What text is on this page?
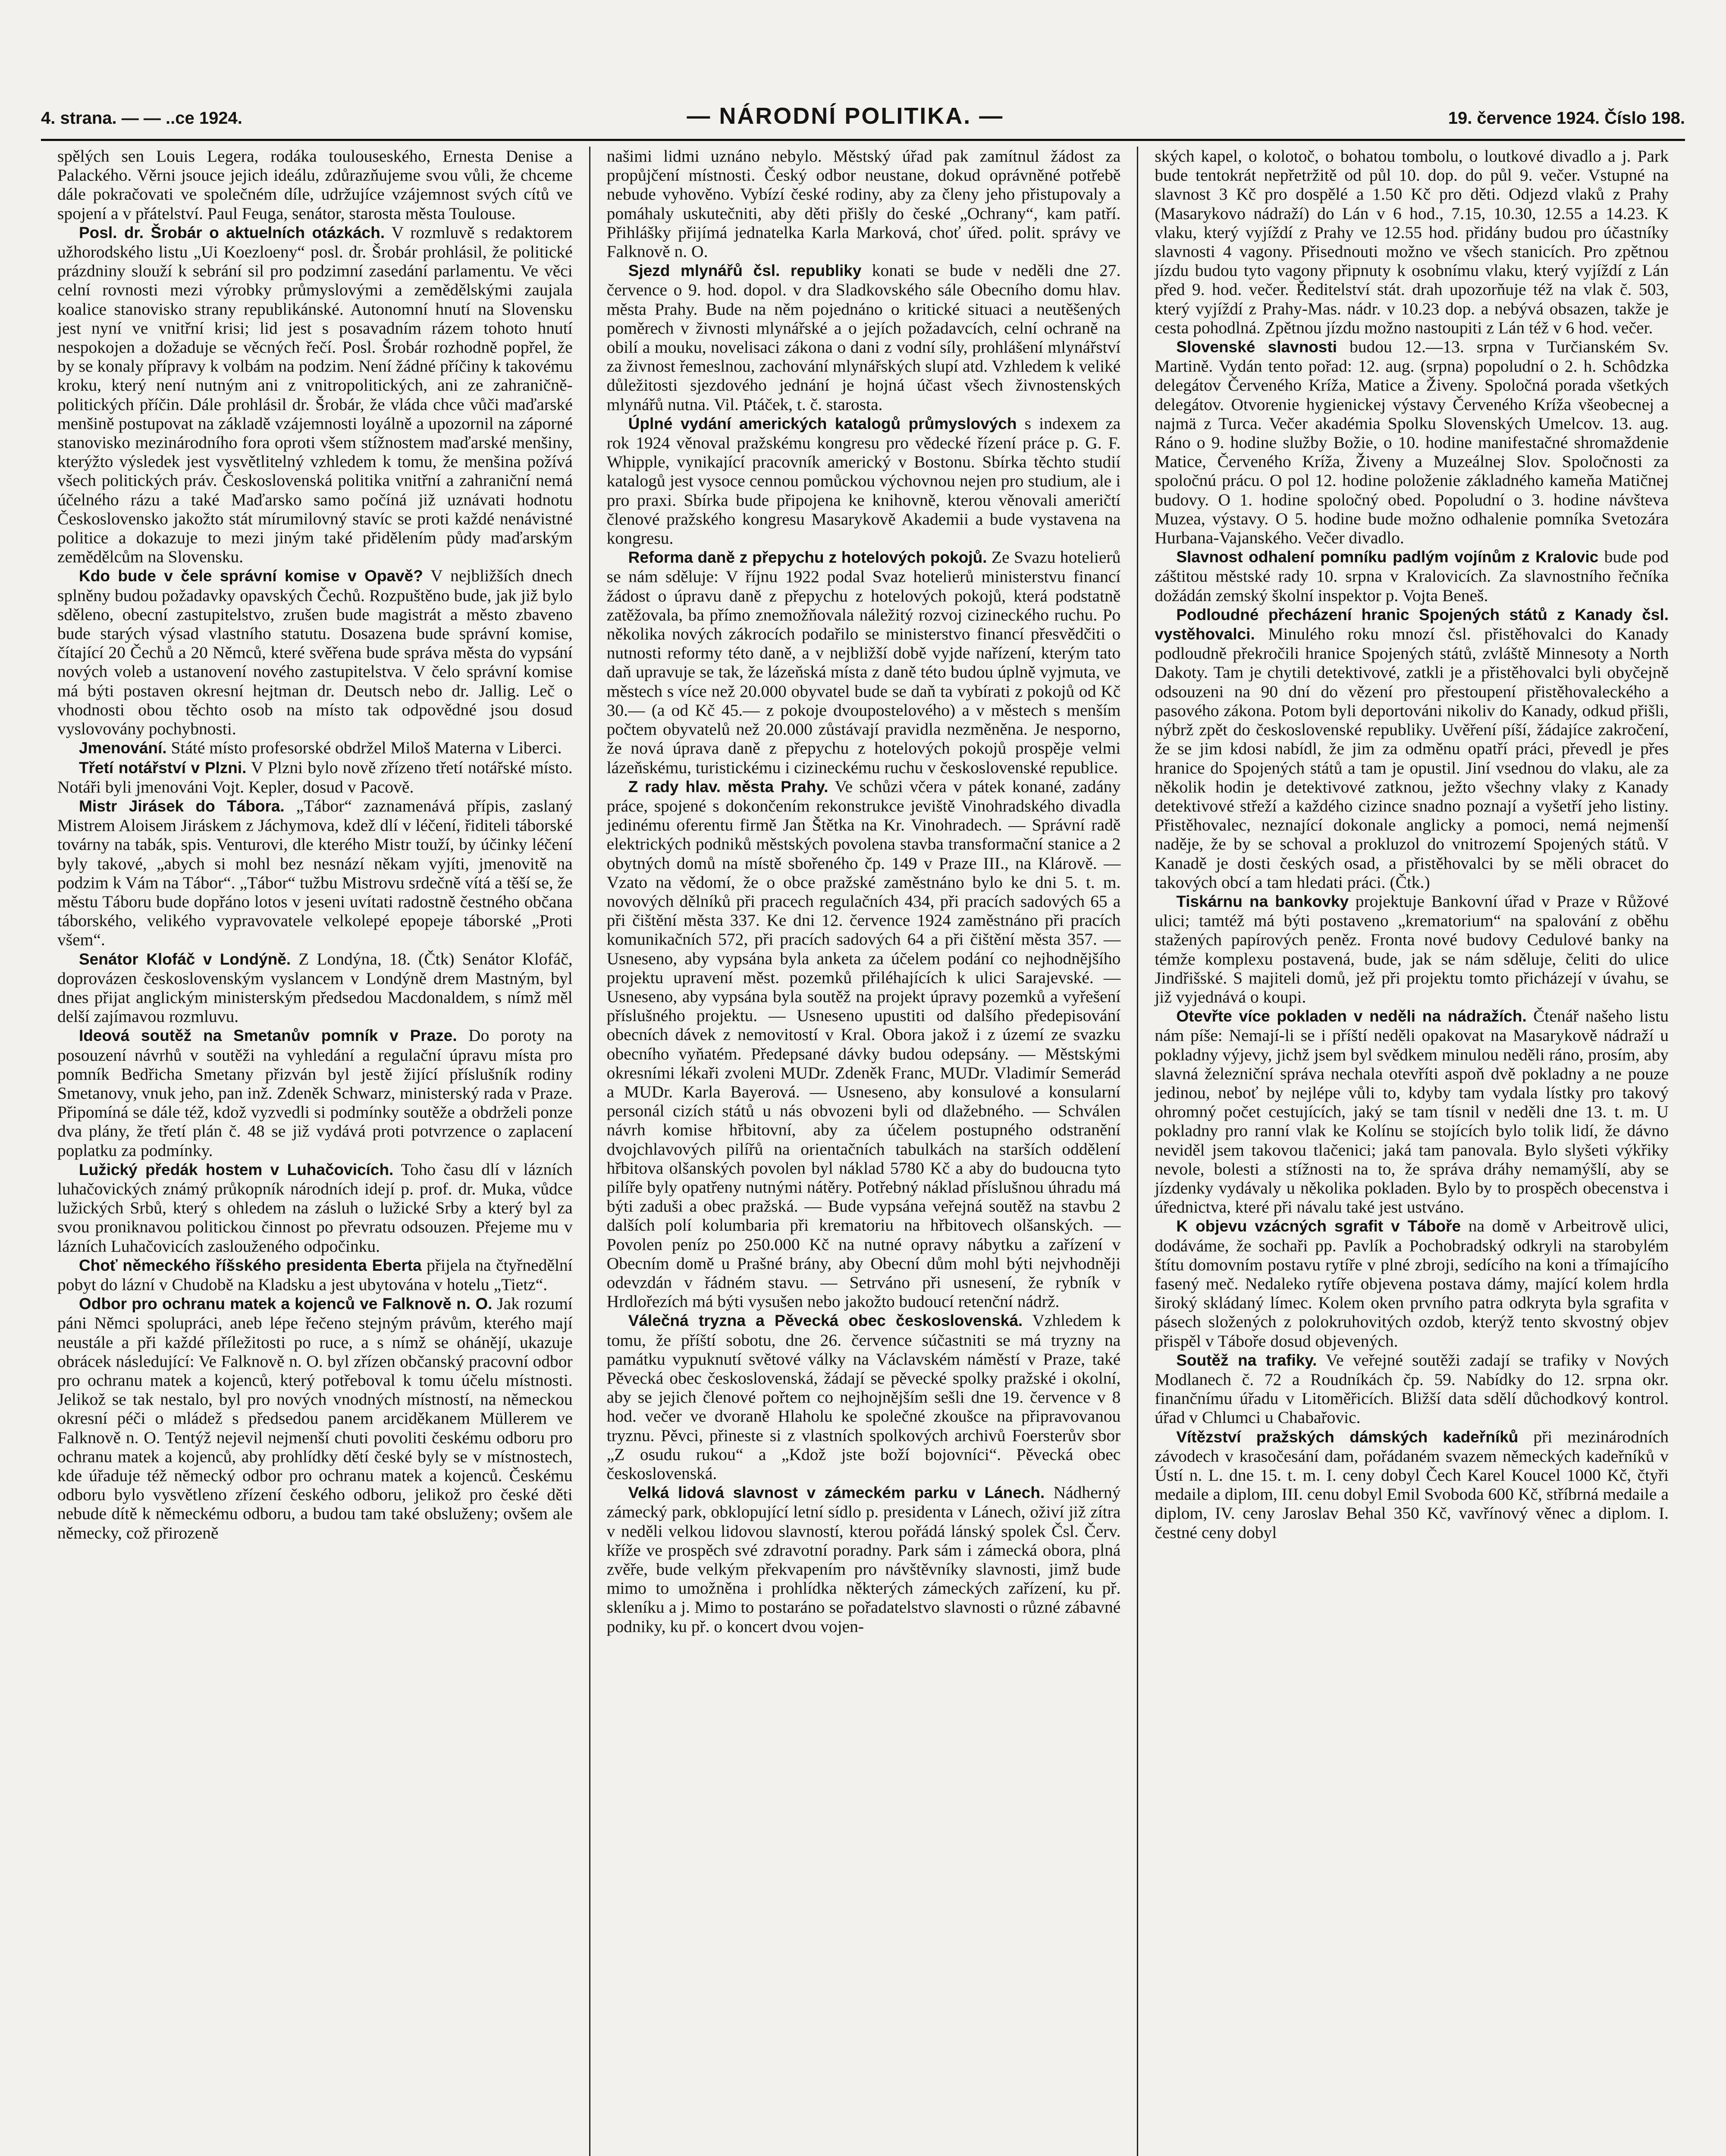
4. strana. — — ..ce 1924.	— NÁRODNÍ POLITIKA. —	19. července 1924. Číslo 198.

spělých sen Louis Legera, rodáka toulouseského, Ernesta Denise a Palackého. Věrni jsouce jejich ideálu, zdůrazňujeme svou vůli, že chceme dále pokračovati ve společném díle, udržujíce vzájemnost svých cítů ve spojení a v přátelství. Paul Feuga, senátor, starosta města Toulouse.

Posl. dr. Šrobár o aktuelních otázkách. V rozmluvě s redaktorem užhorodského listu „Ui Koezloeny“ posl. dr. Šrobár prohlásil, že politické prázdniny slouží k sebrání sil pro podzimní zasedání parlamentu. Ve věci celní rovnosti mezi výrobky průmyslovými a zemědělskými zaujala koalice stanovisko strany republikánské. Autonomní hnutí na Slovensku jest nyní ve vnitřní krisi; lid jest s posavadním rázem tohoto hnutí nespokojen a dožaduje se věcných řečí. Posl. Šrobár rozhodně popřel, že by se konaly přípravy k volbám na podzim. Není žádné příčiny k takovému kroku, který není nutným ani z vnitropolitických, ani ze zahraničně-politických příčin. Dále prohlásil dr. Šrobár, že vláda chce vůči maďarské menšině postupovat na základě vzájemnosti loyálně a upozornil na záporné stanovisko mezinárodního fora oproti všem stížnostem maďarské menšiny, kterýžto výsledek jest vysvětlitelný vzhledem k tomu, že menšina požívá všech politických práv. Československá politika vnitřní a zahraniční nemá účelného rázu a také Maďarsko samo počíná již uznávati hodnotu Československo jakožto stát mírumilovný stavíc se proti každé nenávistné politice a dokazuje to mezi jiným také přidělením půdy maďarským zemědělcům na Slovensku.

Kdo bude v čele správní komise v Opavě? V nejbližších dnech splněny budou požadavky opavských Čechů. Rozpuštěno bude, jak již bylo sděleno, obecní zastupitelstvo, zrušen bude magistrát a město zbaveno bude starých výsad vlastního statutu. Dosazena bude správní komise, čítající 20 Čechů a 20 Němců, které svěřena bude správa města do vypsání nových voleb a ustanovení nového zastupitelstva. V čelo správní komise má býti postaven okresní hejtman dr. Deutsch nebo dr. Jallig. Leč o vhodnosti obou těchto osob na místo tak odpovědné jsou dosud vyslovovány pochybnosti.

Jmenování. Státé místo profesorské obdržel Miloš Materna v Liberci.

Třetí notářství v Plzni. V Plzni bylo nově zřízeno třetí notářské místo. Notáři byli jmenováni Vojt. Kepler, dosud v Pacově.

Mistr Jirásek do Tábora. „Tábor“ zaznamenává přípis, zaslaný Mistrem Aloisem Jiráskem z Jáchymova, kdež dlí v léčení, řiditeli táborské továrny na tabák, spis. Venturovi, dle kterého Mistr touží, by účinky léčení byly takové, „abych si mohl bez nesnází někam vyjíti, jmenovitě na podzim k Vám na Tábor“. „Tábor“ tužbu Mistrovu srdečně vítá a těší se, že městu Táboru bude dopřáno lotos v jeseni uvítati radostně čestného občana táborského, velikého vypravovatele velkolepé epopeje táborské „Proti všem“.

Senátor Klofáč v Londýně. Z Londýna, 18. (Čtk) Senátor Klofáč, doprovázen československým vyslancem v Londýně drem Mastným, byl dnes přijat anglickým ministerským předsedou Macdonaldem, s nímž měl delší zajímavou rozmluvu.

Ideová soutěž na Smetanův pomník v Praze. Do poroty na posouzení návrhů v soutěži na vyhledání a regulační úpravu místa pro pomník Bedřicha Smetany přizván byl jestě žijící příslušník rodiny Smetanovy, vnuk jeho, pan inž. Zdeněk Schwarz, ministerský rada v Praze. Připomíná se dále též, kdož vyzvedli si podmínky soutěže a obdrželi ponze dva plány, že třetí plán č. 48 se již vydává proti potvrzence o zaplacení poplatku za podmínky.

Lužický předák hostem v Luhačovicích. Toho času dlí v lázních luhačovických známý průkopník národních idejí p. prof. dr. Muka, vůdce lužických Srbů, který s ohledem na zásluh o lužické Srby a který byl za svou proniknavou politickou činnost po převratu odsouzen. Přejeme mu v lázních Luhačovicích zaslouženého odpočinku.

Choť německého říšského presidenta Eberta přijela na čtyřnedělní pobyt do lázní v Chudobě na Kladsku a jest ubytována v hotelu „Tietz“.

Odbor pro ochranu matek a kojenců ve Falknově n. O. Jak rozumí páni Němci spolupráci, aneb lépe řečeno stejným právům, kterého mají neustále a při každé příležitosti po ruce, a s nímž se ohánějí, ukazuje obrácek následující: Ve Falknově n. O. byl zřízen občanský pracovní odbor pro ochranu matek a kojenců, který potřeboval k tomu účelu místnosti. Jelikož se tak nestalo, byl pro nových vnodných místností, na německou okresní péči o mládež s předsedou panem arciděkanem Müllerem ve Falknově n. O. Tentýž nejevil nejmenší chuti povoliti českému odboru pro ochranu matek a kojenců, aby prohlídky dětí české byly se v místnostech, kde úřaduje též německý odbor pro ochranu matek a kojenců. Českému odboru bylo vysvětleno zřízení českého odboru, jelikož pro české děti nebude dítě k německému odboru, a budou tam také obsluženy; ovšem ale německy, což přirozeně

našimi lidmi uznáno nebylo. Městský úřad pak zamítnul žádost za propůjčení místnosti. Český odbor neustane, dokud oprávněné potřebě nebude vyhověno. Vybízí české rodiny, aby za členy jeho přistupovaly a pomáhaly uskutečniti, aby děti přišly do české „Ochrany“, kam patří. Přihlášky přijímá jednatelka Karla Marková, choť úřed. polit. správy ve Falknově n. O.

Sjezd mlynářů čsl. republiky konati se bude v neděli dne 27. července o 9. hod. dopol. v dra Sladkovského sále Obecního domu hlav. města Prahy. Bude na něm pojednáno o kritické situaci a neutěšených poměrech v živnosti mlynářské a o jejích požadavcích, celní ochraně na obilí a mouku, novelisaci zákona o dani z vodní síly, prohlášení mlynářství za živnost řemeslnou, zachování mlynářských slupí atd. Vzhledem k veliké důležitosti sjezdového jednání je hojná účast všech živnostenských mlynářů nutna. Vil. Ptáček, t. č. starosta.

Úplné vydání amerických katalogů průmyslových s indexem za rok 1924 věnoval pražskému kongresu pro vědecké řízení práce p. G. F. Whipple, vynikající pracovník americký v Bostonu. Sbírka těchto studií katalogů jest vysoce cennou pomůckou výchovnou nejen pro studium, ale i pro praxi. Sbírka bude připojena ke knihovně, kterou věnovali američtí členové pražského kongresu Masarykově Akademii a bude vystavena na kongresu.

Reforma daně z přepychu z hotelových pokojů. Ze Svazu hotelierů se nám sděluje: V říjnu 1922 podal Svaz hotelierů ministerstvu financí žádost o úpravu daně z přepychu z hotelových pokojů, která podstatně zatěžovala, ba přímo znemožňovala náležitý rozvoj cizineckého ruchu. Po několika nových zákrocích podařilo se ministerstvo financí přesvědčiti o nutnosti reformy této daně, a v nejbližší době vyjde nařízení, kterým tato daň upravuje se tak, že lázeňská místa z daně této budou úplně vyjmuta, ve městech s více než 20.000 obyvatel bude se daň ta vybírati z pokojů od Kč 30.— (a od Kč 45.— z pokoje dvoupostelového) a v městech s menším počtem obyvatelů než 20.000 zůstávají pravidla nezměněna. Je nesporno, že nová úprava daně z přepychu z hotelových pokojů prospěje velmi lázeňskému, turistickému i cizineckému ruchu v československé republice.

Z rady hlav. města Prahy. Ve schůzi včera v pátek konané, zadány práce, spojené s dokončením rekonstrukce jeviště Vinohradského divadla jedinému oferentu firmě Jan Štětka na Kr. Vinohradech. — Správní radě elektrických podniků městských povolena stavba transformační stanice a 2 obytných domů na místě sbořeného čp. 149 v Praze III., na Klárově. — Vzato na vědomí, že o obce pražské zaměstnáno bylo ke dni 5. t. m. novových dělníků při pracech regulačních 434, při pracích sadových 65 a při čištění města 337. Ke dni 12. července 1924 zaměstnáno při pracích komunikačních 572, při pracích sadových 64 a při čištění města 357. — Usneseno, aby vypsána byla anketa za účelem podání co nejhodnějšího projektu upravení měst. pozemků přiléhajících k ulici Sarajevské. — Usneseno, aby vypsána byla soutěž na projekt úpravy pozemků a vyřešení příslušného projektu. — Usneseno upustiti od dalšího předepisování obecních dávek z nemovitostí v Kral. Obora jakož i z území ze svazku obecního vyňatém. Předepsané dávky budou odepsány. — Městskými okresními lékaři zvoleni MUDr. Zdeněk Franc, MUDr. Vladimír Semerád a MUDr. Karla Bayerová. — Usneseno, aby konsulové a konsularní personál cizích států u nás obvozeni byli od dlažebného. — Schválen návrh komise hřbitovní, aby za účelem postupného odstranění dvojchlavových pilířů na orientačních tabulkách na starších oddělení hřbitova olšanských povolen byl náklad 5780 Kč a aby do budoucna tyto pilíře byly opatřeny nutnými nátěry. Potřebný náklad příslušnou úhradu má býti zaduši a obec pražská. — Bude vypsána veřejná soutěž na stavbu 2 dalších polí kolumbaria při krematoriu na hřbitovech olšanských. — Povolen peníz po 250.000 Kč na nutné opravy nábytku a zařízení v Obecním domě u Prašné brány, aby Obecní dům mohl býti nejvhodněji odevzdán v řádném stavu. — Setrváno při usnesení, že rybník v Hrdlořezích má býti vysušen nebo jakožto budoucí retenční nádrž.

Válečná tryzna a Pěvecká obec československá. Vzhledem k tomu, že příští sobotu, dne 26. července súčastniti se má tryzny na památku vypuknutí světové války na Václavském náměstí v Praze, také Pěvecká obec československá, žádají se pěvecké spolky pražské i okolní, aby se jejich členové pořtem co nejhojnějším sešli dne 19. července v 8 hod. večer ve dvoraně Hlaholu ke společné zkoušce na připravovanou tryznu. Pěvci, přineste si z vlastních spolkových archivů Foersterův sbor „Z osudu rukou“ a „Kdož jste boží bojovníci“. Pěvecká obec československá.

Velká lidová slavnost v zámeckém parku v Lánech. Nádherný zámecký park, obklopující letní sídlo p. presidenta v Lánech, oživí již zítra v neděli velkou lidovou slavností, kterou pořádá lánský spolek Čsl. Červ. kříže ve prospěch své zdravotní poradny. Park sám i zámecká obora, plná zvěře, bude velkým překvapením pro návštěvníky slavnosti, jimž bude mimo to umožněna i prohlídka některých zámeckých zařízení, ku př. skleníku a j. Mimo to postaráno se pořadatelstvo slavnosti o různé zábavné podniky, ku př. o koncert dvou vojen-

ských kapel, o kolotoč, o bohatou tombolu, o loutkové divadlo a j. Park bude tentokrát nepřetržitě od půl 10. dop. do půl 9. večer. Vstupné na slavnost 3 Kč pro dospělé a 1.50 Kč pro děti. Odjezd vlaků z Prahy (Masarykovo nádraží) do Lán v 6 hod., 7.15, 10.30, 12.55 a 14.23. K vlaku, který vyjíždí z Prahy ve 12.55 hod. přidány budou pro účastníky slavnosti 4 vagony. Přisednouti možno ve všech stanicích. Pro zpětnou jízdu budou tyto vagony připnuty k osobnímu vlaku, který vyjíždí z Lán před 9. hod. večer. Ředitelství stát. drah upozorňuje též na vlak č. 503, který vyjíždí z Prahy-Mas. nádr. v 10.23 dop. a nebývá obsazen, takže je cesta pohodlná. Zpětnou jízdu možno nastoupiti z Lán též v 6 hod. večer.

Slovenské slavnosti budou 12.—13. srpna v Turčianském Sv. Martině. Vydán tento pořad: 12. aug. (srpna) popoludní o 2. h. Schôdzka delegátov Červeného Kríža, Matice a Živeny. Spoločná porada všetkých delegátov. Otvorenie hygienickej výstavy Červeného Kríža všeobecnej a najmä z Turca. Večer akadémia Spolku Slovenských Umelcov. 13. aug. Ráno o 9. hodine služby Božie, o 10. hodine manifestačné shromaždenie Matice, Červeného Kríža, Živeny a Muzeálnej Slov. Spoločnosti za spoločnú prácu. O pol 12. hodine položenie základného kameňa Matičnej budovy. O 1. hodine spoločný obed. Popoludní o 3. hodine návšteva Muzea, výstavy. O 5. hodine bude možno odhalenie pomníka Svetozára Hurbana-Vajanského. Večer divadlo.

Slavnost odhalení pomníku padlým vojínům z Kralovic bude pod záštitou městské rady 10. srpna v Kralovicích. Za slavnostního řečníka dožádán zemský školní inspektor p. Vojta Beneš.

Podloudné přecházení hranic Spojených států z Kanady čsl. vystěhovalci. Minulého roku mnozí čsl. přistěhovalci do Kanady podloudně překročili hranice Spojených států, zvláště Minnesoty a North Dakoty. Tam je chytili detektivové, zatkli je a přistěhovalci byli obyčejně odsouzeni na 90 dní do vězení pro přestoupení přistěhovaleckého a pasového zákona. Potom byli deportováni nikoliv do Kanady, odkud přišli, nýbrž zpět do československé republiky. Uvěření píší, žádajíce zakročení, že se jim kdosi nabídl, že jim za odměnu opatří práci, převedl je přes hranice do Spojených států a tam je opustil. Jiní vsednou do vlaku, ale za několik hodin je detektivové zatknou, ježto všechny vlaky z Kanady detektivové střeží a každého cizince snadno poznají a vyšetří jeho listiny. Přistěhovalec, neznající dokonale anglicky a pomoci, nemá nejmenší naděje, že by se schoval a prokluzol do vnitrozemí Spojených států. V Kanadě je dosti českých osad, a přistěhovalci by se měli obracet do takových obcí a tam hledati práci. (Čtk.)

Tiskárnu na bankovky projektuje Bankovní úřad v Praze v Růžové ulici; tamtéž má býti postaveno „krematorium“ na spalování z oběhu stažených papírových peněz. Fronta nové budovy Cedulové banky na témže komplexu postavená, bude, jak se nám sděluje, čeliti do ulice Jindřišské. S majiteli domů, jež při projektu tomto přicházejí v úvahu, se již vyjednává o koupi.

Otevřte více pokladen v neděli na nádražích. Čtenář našeho listu nám píše: Nemají-li se i příští neděli opakovat na Masarykově nádraží u pokladny výjevy, jichž jsem byl svědkem minulou neděli ráno, prosím, aby slavná železniční správa nechala otevříti aspoň dvě pokladny a ne pouze jedinou, neboť by nejlépe vůli to, kdyby tam vydala lístky pro takový ohromný počet cestujících, jaký se tam tísnil v neděli dne 13. t. m. U pokladny pro ranní vlak ke Kolínu se stojících bylo tolik lidí, že dávno neviděl jsem takovou tlačenici; jaká tam panovala. Bylo slyšeti výkřiky nevole, bolesti a stížnosti na to, že správa dráhy nemamýšlí, aby se jízdenky vydávaly u několika pokladen. Bylo by to prospěch obecenstva i úřednictva, které při návalu také jest ustváno.

K objevu vzácných sgrafit v Táboře na domě v Arbeitrově ulici, dodáváme, že sochaři pp. Pavlík a Pochobradský odkryli na starobylém štítu domovním postavu rytíře v plné zbroji, sedícího na koni a třímajícího fasený meč. Nedaleko rytíře objevena postava dámy, mající kolem hrdla široký skládaný límec. Kolem oken prvního patra odkryta byla sgrafita v pásech složených z polokruhovitých ozdob, kterýž tento skvostný objev přispěl v Táboře dosud objevených.

Soutěž na trafiky. Ve veřejné soutěži zadají se trafiky v Nových Modlanech č. 72 a Roudníkách čp. 59. Nabídky do 12. srpna okr. finančnímu úřadu v Litoměřicích. Bližší data sdělí důchodkový kontrol. úřad v Chlumci u Chabařovic.

Vítězství pražských dámských kadeřníků při mezinárodních závodech v krasočesání dam, pořádaném svazem německých kadeřníků v Ústí n. L. dne 15. t. m. I. ceny dobyl Čech Karel Koucel 1000 Kč, čtyři medaile a diplom, III. cenu dobyl Emil Svoboda 600 Kč, stříbrná medaile a diplom, IV. ceny Jaroslav Behal 350 Kč, vavřínový věnec a diplom. I. čestné ceny dobyl
